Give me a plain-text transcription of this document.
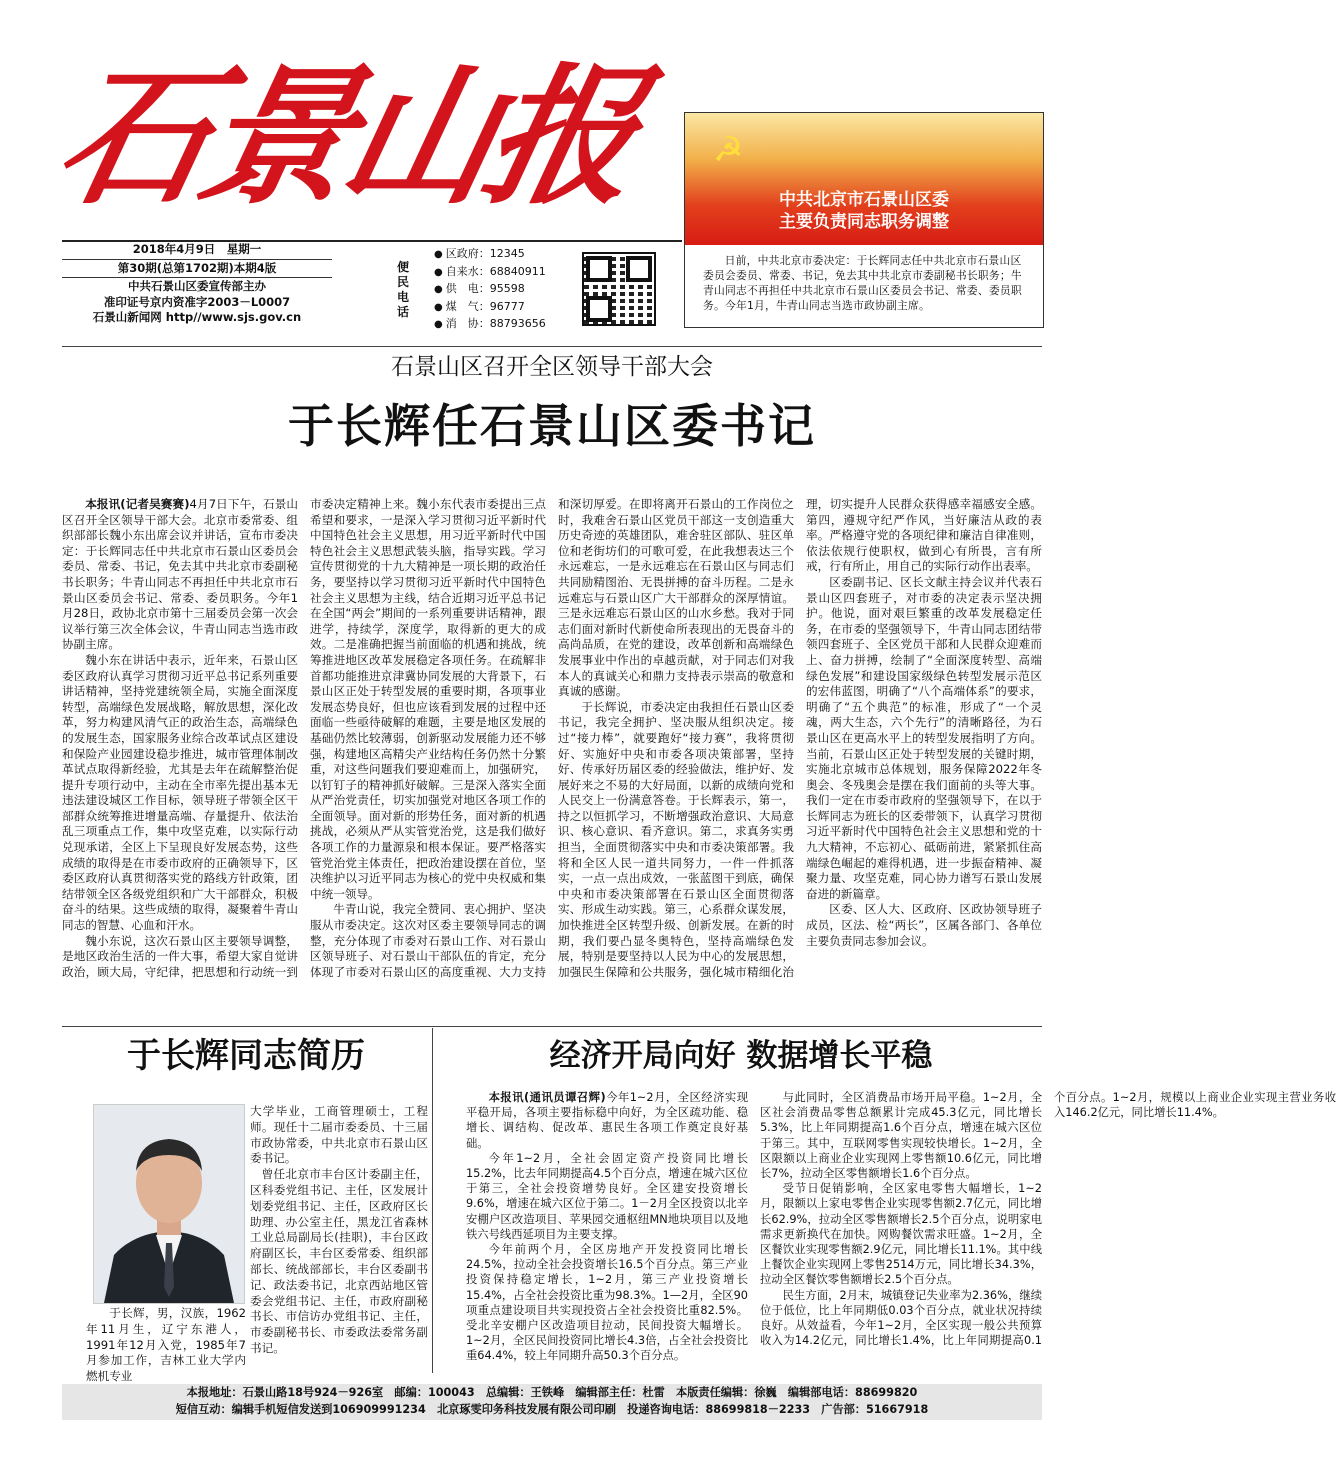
石景山报
2018年4月9日　 星期一
第30期(总第1702期)本期4版
中共石景山区委宣传部主办
准印证号京内资准字2003－L0007
石景山新闻网 http//www.sjs.gov.cn
便民电话
● 区政府：12345
● 自来水：68840911
● 供　电：95598
● 煤　气：96777
● 消　协：88793656
☭
中共北京市石景山区委
主要负责同志职务调整
日前，中共北京市委决定：于长辉同志任中共北京市石景山区委员会委员、常委、书记，免去其中共北京市委副秘书长职务；牛青山同志不再担任中共北京市石景山区委员会书记、常委、委员职务。今年1月，牛青山同志当选市政协副主席。
石景山区召开全区领导干部大会
于长辉任石景山区委书记

本报讯(记者吴赛赛)4月7日下午，石景山区召开全区领导干部大会。北京市委常委、组织部部长魏小东出席会议并讲话，宣布市委决定：于长辉同志任中共北京市石景山区委员会委员、常委、书记，免去其中共北京市委副秘书长职务；牛青山同志不再担任中共北京市石景山区委员会书记、常委、委员职务。今年1月28日，政协北京市第十三届委员会第一次会议举行第三次全体会议，牛青山同志当选市政协副主席。

魏小东在讲话中表示，近年来，石景山区委区政府认真学习贯彻习近平总书记系列重要讲话精神，坚持党建统领全局，实施全面深度转型，高端绿色发展战略，解放思想，深化改革，努力构建风清气正的政治生态，高端绿色的发展生态，国家服务业综合改革试点区建设和保险产业园建设稳步推进，城市管理体制改革试点取得新经验，尤其是去年在疏解整治促提升专项行动中，主动在全市率先提出基本无违法建设城区工作目标，领导班子带领全区干部群众统筹推进增量高端、存量提升、依法治乱三项重点工作，集中攻坚克难，以实际行动兑现承诺，全区上下呈现良好发展态势，这些成绩的取得是在市委市政府的正确领导下，区委区政府认真贯彻落实党的路线方针政策，团结带领全区各级党组织和广大干部群众，积极奋斗的结果。这些成绩的取得，凝聚着牛青山同志的智慧、心血和汗水。

魏小东说，这次石景山区主要领导调整，是地区政治生活的一件大事，希望大家自觉讲政治，顾大局，守纪律，把思想和行动统一到市委决定精神上来。魏小东代表市委提出三点希望和要求，一是深入学习贯彻习近平新时代中国特色社会主义思想，用习近平新时代中国特色社会主义思想武装头脑，指导实践。学习宣传贯彻党的十九大精神是一项长期的政治任务，要坚持以学习贯彻习近平新时代中国特色社会主义思想为主线，结合近期习近平总书记在全国“两会”期间的一系列重要讲话精神，跟进学，持续学，深度学，取得新的更大的成效。二是准确把握当前面临的机遇和挑战，统筹推进地区改革发展稳定各项任务。在疏解非首都功能推进京津冀协同发展的大背景下，石景山区正处于转型发展的重要时期，各项事业发展态势良好，但也应该看到发展的过程中还面临一些亟待破解的难题，主要是地区发展的基础仍然比较薄弱，创新驱动发展能力还不够强，构建地区高精尖产业结构任务仍然十分繁重，对这些问题我们要迎难而上，加强研究，以钉钉子的精神抓好破解。三是深入落实全面从严治党责任，切实加强党对地区各项工作的全面领导。面对新的形势任务，面对新的机遇挑战，必须从严从实管党治党，这是我们做好各项工作的力量源泉和根本保证。要严格落实管党治党主体责任，把政治建设摆在首位，坚决维护以习近平同志为核心的党中央权威和集中统一领导。

牛青山说，我完全赞同、衷心拥护、坚决服从市委决定。这次对区委主要领导同志的调整，充分体现了市委对石景山工作、对石景山区领导班子、对石景山干部队伍的肯定，充分体现了市委对石景山区的高度重视、大力支持和深切厚爱。在即将离开石景山的工作岗位之时，我难舍石景山区党员干部这一支创造重大历史奇迹的英雄团队，难舍驻区部队、驻区单位和老街坊们的可歌可爱，在此我想表达三个永远难忘，一是永远难忘在石景山区与同志们共同励精图治、无畏拼搏的奋斗历程。二是永远难忘与石景山区广大干部群众的深厚情谊。三是永远难忘石景山区的山水乡愁。我对于同志们面对新时代新使命所表现出的无畏奋斗的高尚品质，在党的建设，改革创新和高端绿色发展事业中作出的卓越贡献，对于同志们对我本人的真诚关心和鼎力支持表示崇高的敬意和真诚的感谢。

于长辉说，市委决定由我担任石景山区委书记，我完全拥护、坚决服从组织决定。接过“接力棒”，就要跑好“接力赛”，我将贯彻好、实施好中央和市委各项决策部署，坚持好、传承好历届区委的经验做法，维护好、发展好来之不易的大好局面，以新的成绩向党和人民交上一份满意答卷。于长辉表示，第一，持之以恒抓学习，不断增强政治意识、大局意识、核心意识、看齐意识。第二，求真务实勇担当，全面贯彻落实中央和市委决策部署。我将和全区人民一道共同努力，一件一件抓落实，一点一点出成效，一张蓝图干到底，确保中央和市委决策部署在石景山区全面贯彻落实、形成生动实践。第三，心系群众谋发展，加快推进全区转型升级、创新发展。在新的时期，我们要凸显冬奥特色，坚持高端绿色发展，特别是要坚持以人民为中心的发展思想，加强民生保障和公共服务，强化城市精细化治理，切实提升人民群众获得感幸福感安全感。第四，遵规守纪严作风，当好廉洁从政的表率。严格遵守党的各项纪律和廉洁自律准则，依法依规行使职权，做到心有所畏，言有所戒，行有所止，用自己的实际行动作出表率。

区委副书记、区长文献主持会议并代表石景山区四套班子，对市委的决定表示坚决拥护。他说，面对艰巨繁重的改革发展稳定任务，在市委的坚强领导下，牛青山同志团结带领四套班子、全区党员干部和人民群众迎难而上、奋力拼搏，绘制了“全面深度转型、高端绿色发展”和建设国家级绿色转型发展示范区的宏伟蓝图，明确了“八个高端体系”的要求，明确了“五个典范”的标准，形成了“一个灵魂，两大生态，六个先行”的清晰路径，为石景山区在更高水平上的转型发展指明了方向。当前，石景山区正处于转型发展的关键时期，实施北京城市总体规划，服务保障2022年冬奥会、冬残奥会是摆在我们面前的头等大事。我们一定在市委市政府的坚强领导下，在以于长辉同志为班长的区委带领下，认真学习贯彻习近平新时代中国特色社会主义思想和党的十九大精神，不忘初心、砥砺前进，紧紧抓住高端绿色崛起的难得机遇，进一步振奋精神、凝聚力量、攻坚克难，同心协力谱写石景山发展奋进的新篇章。

区委、区人大、区政府、区政协领导班子成员，区法、检“两长”，区属各部门、各单位主要负责同志参加会议。

于长辉同志简历

大学毕业，工商管理硕士，工程师。现任十二届市委委员、十三届市政协常委，中共北京市石景山区委书记。

曾任北京市丰台区计委副主任，区科委党组书记、主任，区发展计划委党组书记、主任，区政府区长助理、办公室主任，黑龙江省森林工业总局副局长(挂职)，丰台区政府副区长，丰台区委常委、组织部部长、统战部部长，丰台区委副书记、政法委书记，北京西站地区管委会党组书记、主任，市政府副秘书长、市信访办党组书记、主任，市委副秘书长、市委政法委常务副书记。

于长辉，男，汉族，1962年11月生，辽宁东港人，1991年12月入党，1985年7月参加工作，吉林工业大学内燃机专业

经济开局向好 数据增长平稳

本报讯(通讯员谭召辉)今年1~2月，全区经济实现平稳开局，各项主要指标稳中向好，为全区疏功能、稳增长、调结构、促改革、惠民生各项工作奠定良好基础。

今年1~2月，全社会固定资产投资同比增长15.2%，比去年同期提高4.5个百分点，增速在城六区位于第三，全社会投资增势良好。全区建安投资增长9.6%，增速在城六区位于第二。1－2月全区投资以北辛安棚户区改造项目、苹果园交通枢纽MN地块项目以及地铁六号线西延项目为主要支撑。

今年前两个月，全区房地产开发投资同比增长24.5%，拉动全社会投资增长16.5个百分点。第三产业投资保持稳定增长，1~2月，第三产业投资增长15.4%，占全社会投资比重为98.3%。1—2月，全区90项重点建设项目共实现投资占全社会投资比重82.5%。受北辛安棚户区改造项目拉动，民间投资大幅增长。1~2月，全区民间投资同比增长4.3倍，占全社会投资比重64.4%，较上年同期升高50.3个百分点。

与此同时，全区消费品市场开局平稳。1~2月，全区社会消费品零售总额累计完成45.3亿元，同比增长5.3%，比上年同期提高1.6个百分点，增速在城六区位于第三。其中，互联网零售实现较快增长。1~2月，全区限额以上商业企业实现网上零售额10.6亿元，同比增长7%，拉动全区零售额增长1.6个百分点。

受节日促销影响，全区家电零售大幅增长，1~2月，限额以上家电零售企业实现零售额2.7亿元，同比增长62.9%，拉动全区零售额增长2.5个百分点，说明家电需求更新换代在加快。网购餐饮需求旺盛。1~2月，全区餐饮业实现零售额2.9亿元，同比增长11.1%。其中线上餐饮企业实现网上零售2514万元，同比增长34.3%，拉动全区餐饮零售额增长2.5个百分点。

民生方面，2月末，城镇登记失业率为2.36%，继续位于低位，比上年同期低0.03个百分点，就业状况持续良好。从效益看，今年1~2月，全区实现一般公共预算收入为14.2亿元，同比增长1.4%，比上年同期提高0.1个百分点。1~2月，规模以上商业企业实现主营业务收入146.2亿元，同比增长11.4%。

本报地址：石景山路18号924－926室　邮编：100043　总编辑：王铁峰　编辑部主任：杜雷　本版责任编辑：徐巍　编辑部电话：88699820
短信互动：编辑手机短信发送到106909991234　北京琢雯印务科技发展有限公司印刷　投递咨询电话：88699818－2233　广告部：51667918
